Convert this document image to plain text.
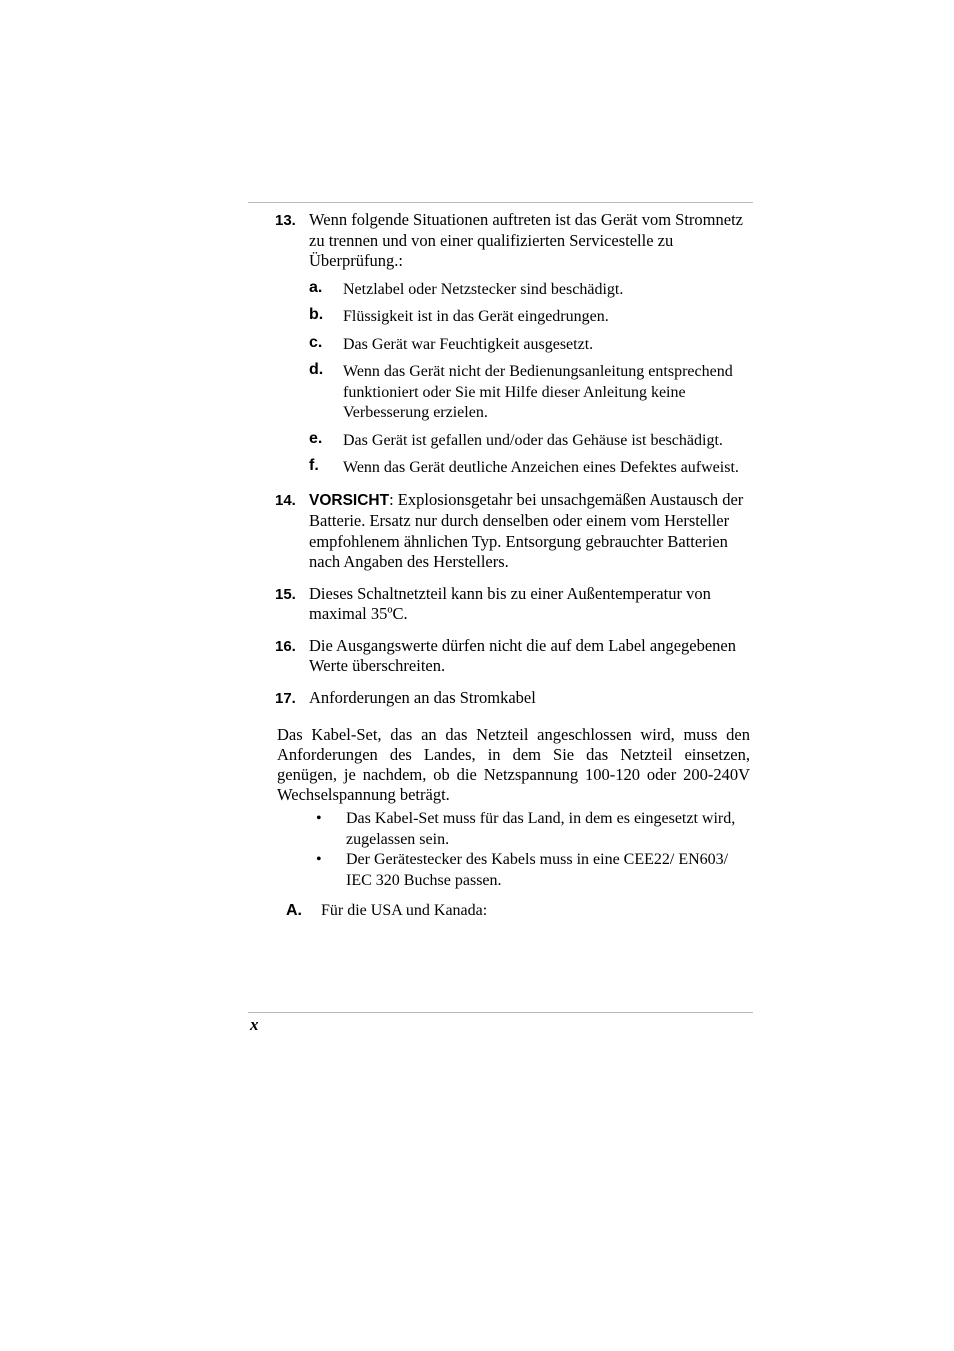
13. Wenn folgende Situationen auftreten ist das Gerät vom Stromnetz zu trennen und von einer qualifizierten Servicestelle zu Überprüfung.:
a. Netzlabel oder Netzstecker sind beschädigt.
b. Flüssigkeit ist in das Gerät eingedrungen.
c. Das Gerät war Feuchtigkeit ausgesetzt.
d. Wenn das Gerät nicht der Bedienungsanleitung entsprechend funktioniert oder Sie mit Hilfe dieser Anleitung keine Verbesserung erzielen.
e. Das Gerät ist gefallen und/oder das Gehäuse ist beschädigt.
f. Wenn das Gerät deutliche Anzeichen eines Defektes aufweist.
14. VORSICHT: Explosionsgetahr bei unsachgemäßen Austausch der Batterie. Ersatz nur durch denselben oder einem vom Hersteller empfohlenem ähnlichen Typ. Entsorgung gebrauchter Batterien nach Angaben des Herstellers.
15. Dieses Schaltnetzteil kann bis zu einer Außentemperatur von maximal 35ºC.
16. Die Ausgangswerte dürfen nicht die auf dem Label angegebenen Werte überschreiten.
17. Anforderungen an das Stromkabel
Das Kabel-Set, das an das Netzteil angeschlossen wird, muss den Anforderungen des Landes, in dem Sie das Netzteil einsetzen, genügen, je nachdem, ob die Netzspannung 100-120 oder 200-240V Wechselspannung beträgt.
• Das Kabel-Set muss für das Land, in dem es eingesetzt wird, zugelassen sein.
• Der Gerätestecker des Kabels muss in eine CEE22/ EN603/ IEC 320 Buchse passen.
A. Für die USA und Kanada:
x
